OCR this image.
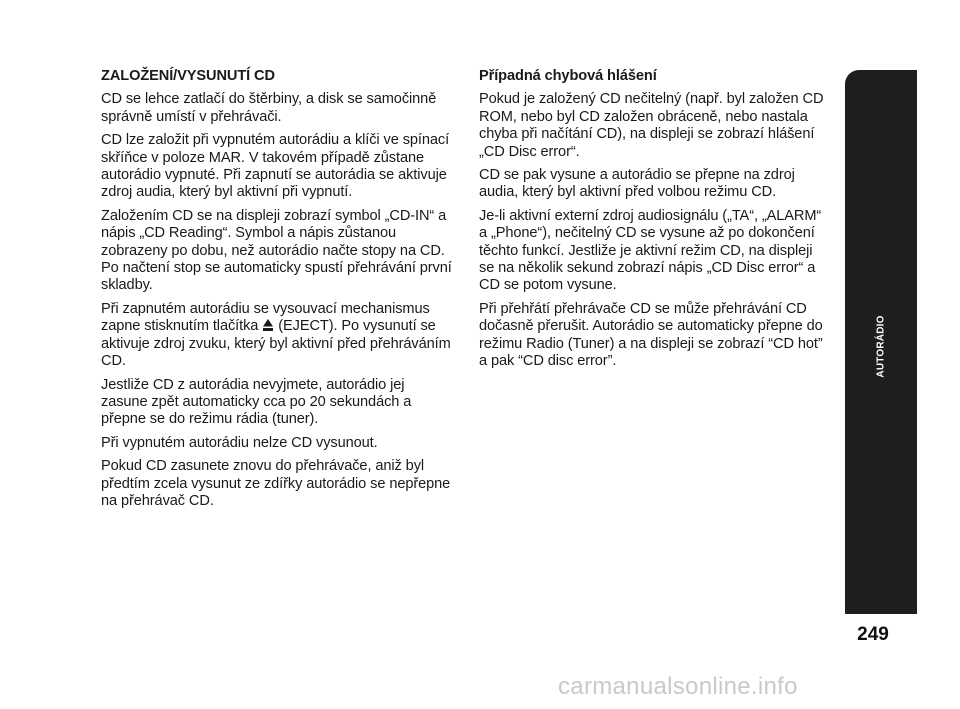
ZALOŽENÍ/VYSUNUTÍ CD

CD se lehce zatlačí do štěrbiny, a disk se samočinně správně umístí v přehrávači.

CD lze založit při vypnutém autorádiu a klíči ve spínací skříňce v poloze MAR. V takovém případě zůstane autorádio vypnuté. Při zapnutí se autorádia se aktivuje zdroj audia, který byl aktivní při vypnutí.

Založením CD se na displeji zobrazí symbol „CD-IN“ a nápis „CD Reading“. Symbol a nápis zůstanou zobrazeny po dobu, než autorádio načte stopy na CD. Po načtení stop se automaticky spustí přehrávání první skladby.

Při zapnutém autorádiu se vysouvací mechanismus zapne stisknutím tlačítka (EJECT). Po vysunutí se aktivuje zdroj zvuku, který byl aktivní před přehráváním CD.

Jestliže CD z autorádia nevyjmete, autorádio jej zasune zpět automaticky cca po 20 sekundách a přepne se do režimu rádia (tuner).

Při vypnutém autorádiu nelze CD vysunout.

Pokud CD zasunete znovu do přehrávače, aniž byl předtím zcela vysunut ze zdířky autorádio se nepřepne na přehrávač CD.

Případná chybová hlášení

Pokud je založený CD nečitelný (např. byl založen CD ROM, nebo byl CD založen obráceně, nebo nastala chyba při načítání CD), na displeji se zobrazí hlášení „CD Disc error“.

CD se pak vysune a autorádio se přepne na zdroj audia, který byl aktivní před volbou režimu CD.

Je-li aktivní externí zdroj audiosignálu („TA“, „ALARM“ a „Phone“), nečitelný CD se vysune až po dokončení těchto funkcí. Jestliže je aktivní režim CD, na displeji se na několik sekund zobrazí nápis „CD Disc error“ a CD se potom vysune.

Při přehřátí přehrávače CD se může přehrávání CD dočasně přerušit. Autorádio se automaticky přepne do režimu Radio (Tuner) a na displeji se zobrazí “CD hot” a pak “CD disc error”.	AUTORÁDIO
249
carmanualsonline.info
